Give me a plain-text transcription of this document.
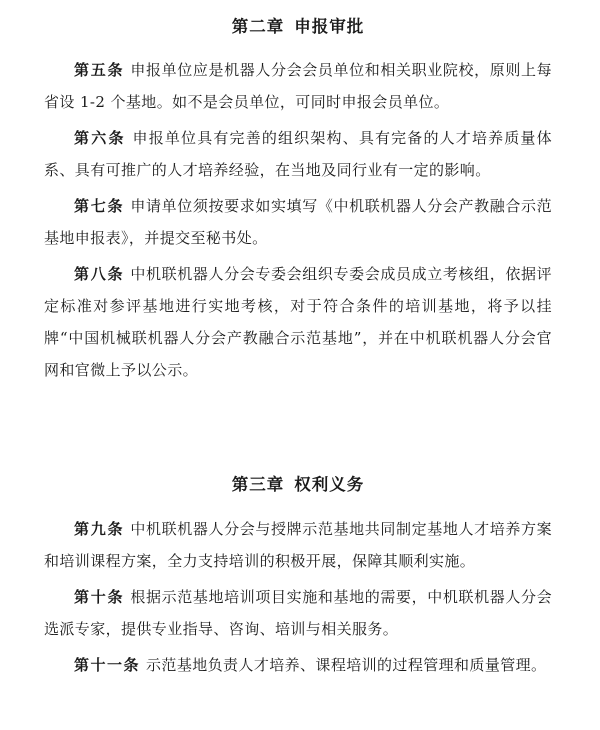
第二章 申报审批

第五条 申报单位应是机器人分会会员单位和相关职业院校，原则上每省设 1-2 个基地。如不是会员单位，可同时申报会员单位。

第六条 申报单位具有完善的组织架构、具有完备的人才培养质量体系、具有可推广的人才培养经验，在当地及同行业有一定的影响。

第七条 申请单位须按要求如实填写《中机联机器人分会产教融合示范基地申报表》，并提交至秘书处。

第八条 中机联机器人分会专委会组织专委会成员成立考核组，依据评定标准对参评基地进行实地考核，对于符合条件的培训基地，将予以挂牌“中国机械联机器人分会产教融合示范基地”，并在中机联机器人分会官网和官微上予以公示。

第三章 权利义务

第九条 中机联机器人分会与授牌示范基地共同制定基地人才培养方案和培训课程方案，全力支持培训的积极开展，保障其顺利实施。

第十条 根据示范基地培训项目实施和基地的需要，中机联机器人分会选派专家，提供专业指导、咨询、培训与相关服务。

第十一条 示范基地负责人才培养、课程培训的过程管理和质量管理。
